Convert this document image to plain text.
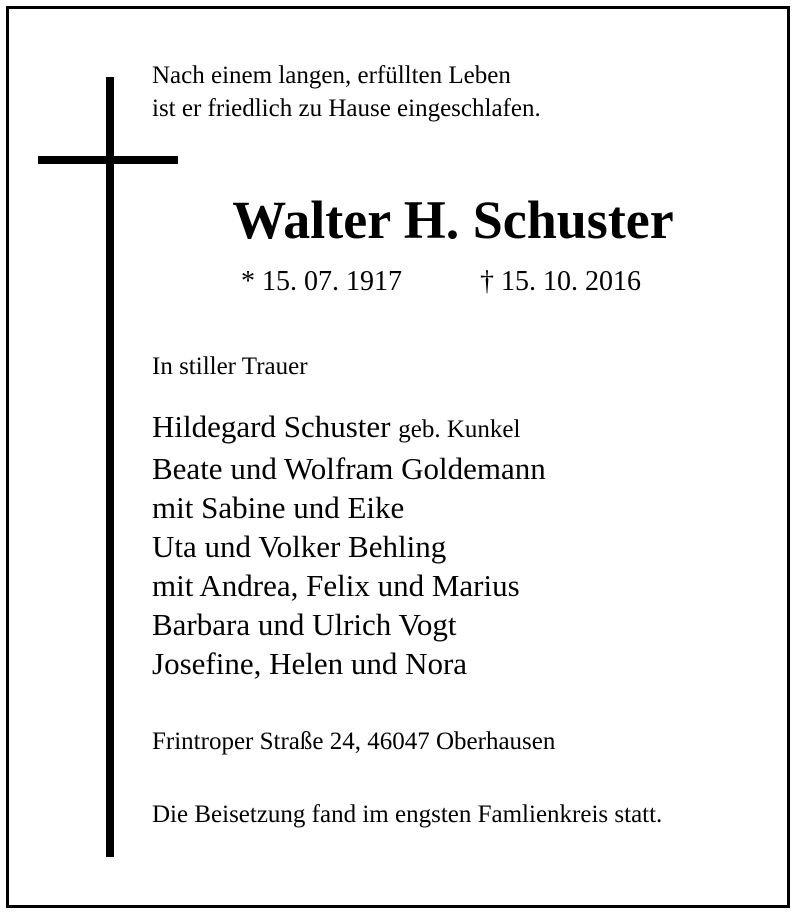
Nach einem langen, erfüllten Leben
ist er friedlich zu Hause eingeschlafen.
Walter H. Schuster
* 15. 07. 1917	† 15. 10. 2016
In stiller Trauer
Hildegard Schuster geb. Kunkel
Beate und Wolfram Goldemann
mit Sabine und Eike
Uta und Volker Behling
mit Andrea, Felix und Marius
Barbara und Ulrich Vogt
Josefine, Helen und Nora
Frintroper Straße 24, 46047 Oberhausen
Die Beisetzung fand im engsten Famlienkreis statt.
